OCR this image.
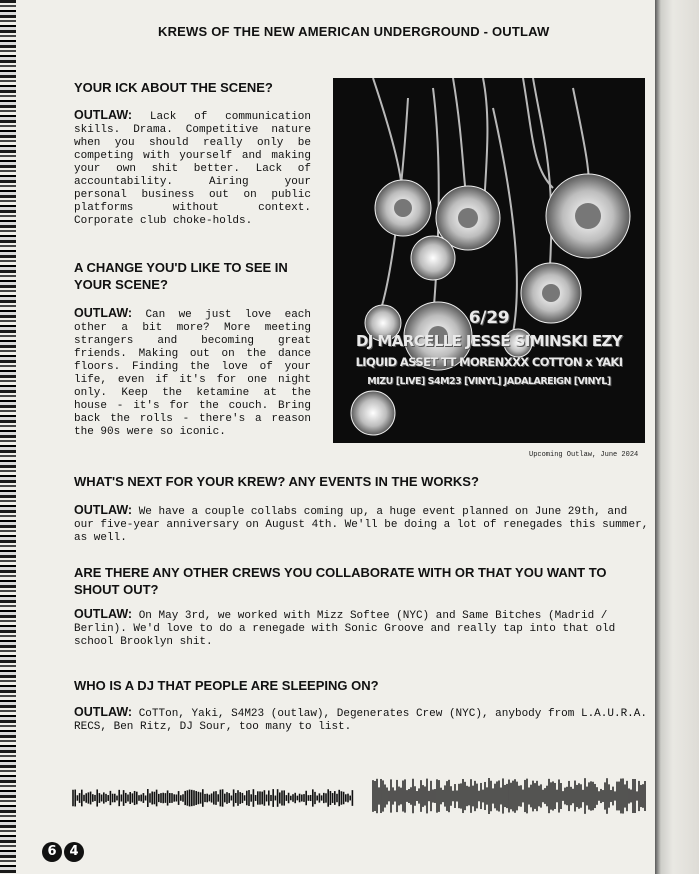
KREWS OF THE NEW AMERICAN UNDERGROUND - OUTLAW
YOUR ICK ABOUT THE SCENE?
OUTLAW: Lack of communication skills. Drama. Competitive nature when you should really only be competing with yourself and making your own shit better. Lack of accountability. Airing your personal business out on public platforms without context. Corporate club choke-holds.
A CHANGE YOU'D LIKE TO SEE IN YOUR SCENE?
OUTLAW: Can we just love each other a bit more? More meeting strangers and becoming great friends. Making out on the dance floors. Finding the love of your life, even if it's for one night only. Keep the ketamine at the house - it's for the couch. Bring back the rolls - there's a reason the 90s were so iconic.
6/29
DJ MARCELLE JESSE SIMINSKI EZY
LIQUID ASSET TT MORENXXX COTTON x YAKI
MIZU [LIVE] S4M23 [VINYL] JADALAREIGN [VINYL]
Upcoming Outlaw, June 2024
WHAT'S NEXT FOR YOUR KREW? ANY EVENTS IN THE WORKS?
OUTLAW: We have a couple collabs coming up, a huge event planned on June 29th, and our five-year anniversary on August 4th. We'll be doing a lot of renegades this summer, as well.
ARE THERE ANY OTHER CREWS YOU COLLABORATE WITH OR THAT YOU WANT TO SHOUT OUT?
OUTLAW: On May 3rd, we worked with Mizz Softee (NYC) and Same Bitches (Madrid / Berlin). We'd love to do a renegade with Sonic Groove and really tap into that old school Brooklyn shit.
WHO IS A DJ THAT PEOPLE ARE SLEEPING ON?
OUTLAW: CoTTon, Yaki, S4M23 (outlaw), Degenerates Crew (NYC), anybody from L.A.U.R.A. RECS, Ben Ritz, DJ Sour, too many to list.
6 4
